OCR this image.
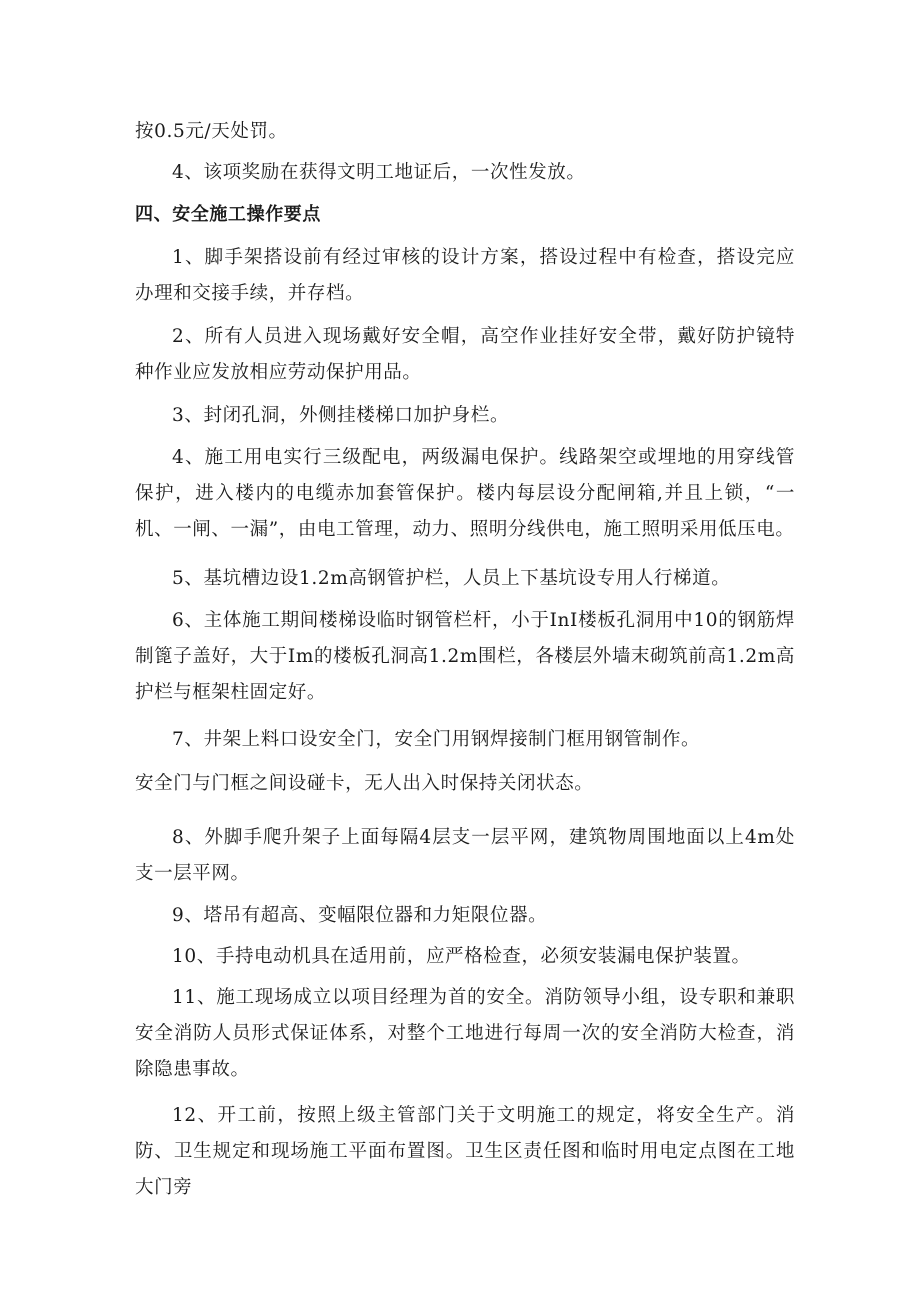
按0.5元/天处罚。

4、该项奖励在获得文明工地证后，一次性发放。

四、安全施工操作要点

1、脚手架搭设前有经过审核的设计方案，搭设过程中有检查，搭设完应办理和交接手续，并存档。

2、所有人员进入现场戴好安全帽，高空作业挂好安全带，戴好防护镜特种作业应发放相应劳动保护用品。

3、封闭孔洞，外侧挂楼梯口加护身栏。

4、施工用电实行三级配电，两级漏电保护。线路架空或埋地的用穿线管保护，进入楼内的电缆赤加套管保护。楼内每层设分配闸箱,并且上锁，“一机、一闸、一漏”，由电工管理，动力、照明分线供电，施工照明采用低压电。

5、基坑槽边设1.2m高钢管护栏，人员上下基坑设专用人行梯道。

6、主体施工期间楼梯设临时钢管栏杆，小于InI楼板孔洞用中10的钢筋焊制篦子盖好，大于Im的楼板孔洞高1.2m围栏，各楼层外墙末砌筑前高1.2m高护栏与框架柱固定好。

7、井架上料口设安全门，安全门用钢焊接制门框用钢管制作。

安全门与门框之间设碰卡，无人出入时保持关闭状态。

8、外脚手爬升架子上面每隔4层支一层平网，建筑物周围地面以上4m处支一层平网。

9、塔吊有超高、变幅限位器和力矩限位器。

10、手持电动机具在适用前，应严格检查，必须安装漏电保护装置。

11、施工现场成立以项目经理为首的安全。消防领导小组，设专职和兼职安全消防人员形式保证体系，对整个工地进行每周一次的安全消防大检查，消除隐患事故。

12、开工前，按照上级主管部门关于文明施工的规定，将安全生产。消防、卫生规定和现场施工平面布置图。卫生区责任图和临时用电定点图在工地大门旁
